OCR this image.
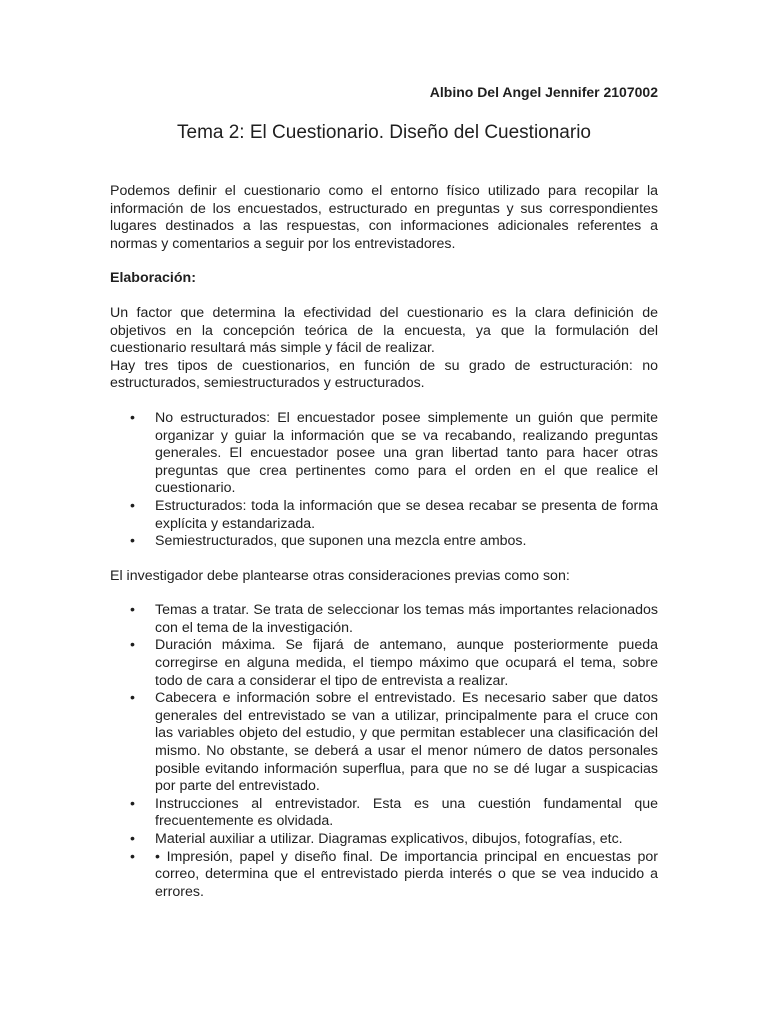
Albino Del Angel Jennifer 2107002
Tema 2: El Cuestionario. Diseño del Cuestionario

Podemos definir el cuestionario como el entorno físico utilizado para recopilar la información de los encuestados, estructurado en preguntas y sus correspondientes lugares destinados a las respuestas, con informaciones adicionales referentes a normas y comentarios a seguir por los entrevistadores.

Elaboración:

Un factor que determina la efectividad del cuestionario es la clara definición de objetivos en la concepción teórica de la encuesta, ya que la formulación del cuestionario resultará más simple y fácil de realizar.

Hay tres tipos de cuestionarios, en función de su grado de estructuración: no estructurados, semiestructurados y estructurados.

• No estructurados: El encuestador posee simplemente un guión que permite organizar y guiar la información que se va recabando, realizando preguntas generales. El encuestador posee una gran libertad tanto para hacer otras preguntas que crea pertinentes como para el orden en el que realice el cuestionario.
• Estructurados: toda la información que se desea recabar se presenta de forma explícita y estandarizada.
• Semiestructurados, que suponen una mezcla entre ambos.

El investigador debe plantearse otras consideraciones previas como son:

• Temas a tratar. Se trata de seleccionar los temas más importantes relacionados con el tema de la investigación.
• Duración máxima. Se fijará de antemano, aunque posteriormente pueda corregirse en alguna medida, el tiempo máximo que ocupará el tema, sobre todo de cara a considerar el tipo de entrevista a realizar.
• Cabecera e información sobre el entrevistado. Es necesario saber que datos generales del entrevistado se van a utilizar, principalmente para el cruce con las variables objeto del estudio, y que permitan establecer una clasificación del mismo. No obstante, se deberá a usar el menor número de datos personales posible evitando información superflua, para que no se dé lugar a suspicacias por parte del entrevistado.
• Instrucciones al entrevistador. Esta es una cuestión fundamental que frecuentemente es olvidada.
• Material auxiliar a utilizar. Diagramas explicativos, dibujos, fotografías, etc.
• • Impresión, papel y diseño final. De importancia principal en encuestas por correo, determina que el entrevistado pierda interés o que se vea inducido a errores.
